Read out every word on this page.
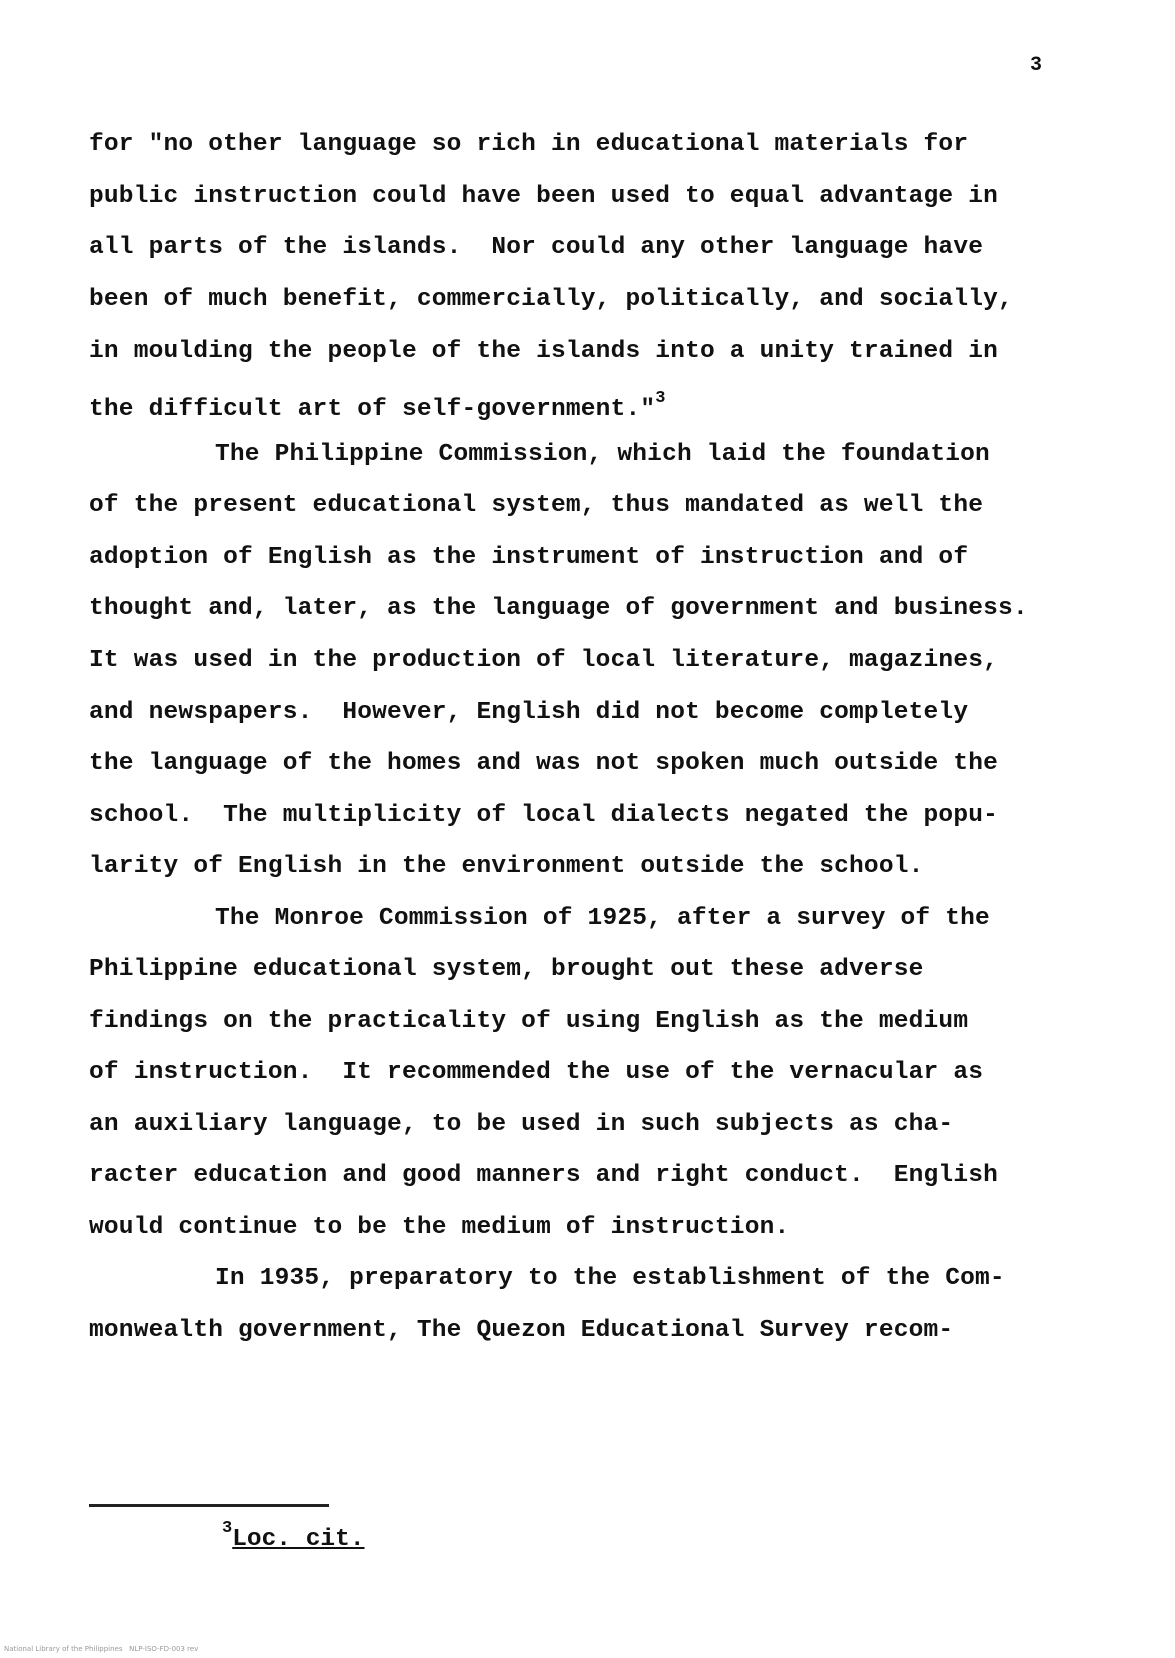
3
for "no other language so rich in educational materials for
public instruction could have been used to equal advantage in
all parts of the islands.  Nor could any other language have
been of much benefit, commercially, politically, and socially,
in moulding the people of the islands into a unity trained in
the difficult art of self-government."$^3$
The Philippine Commission, which laid the foundation
of the present educational system, thus mandated as well the
adoption of English as the instrument of instruction and of
thought and, later, as the language of government and business.
It was used in the production of local literature, magazines,
and newspapers.  However, English did not become completely
the language of the homes and was not spoken much outside the
school.  The multiplicity of local dialects negated the popu-
larity of English in the environment outside the school.
The Monroe Commission of 1925, after a survey of the
Philippine educational system, brought out these adverse
findings on the practicality of using English as the medium
of instruction.  It recommended the use of the vernacular as
an auxiliary language, to be used in such subjects as cha-
racter education and good manners and right conduct.  English
would continue to be the medium of instruction.
In 1935, preparatory to the establishment of the Com-
monwealth government, The Quezon Educational Survey recom-
$^3$Loc. cit.
National Library of the Philippines   NLP-ISO-FD-003 rev
